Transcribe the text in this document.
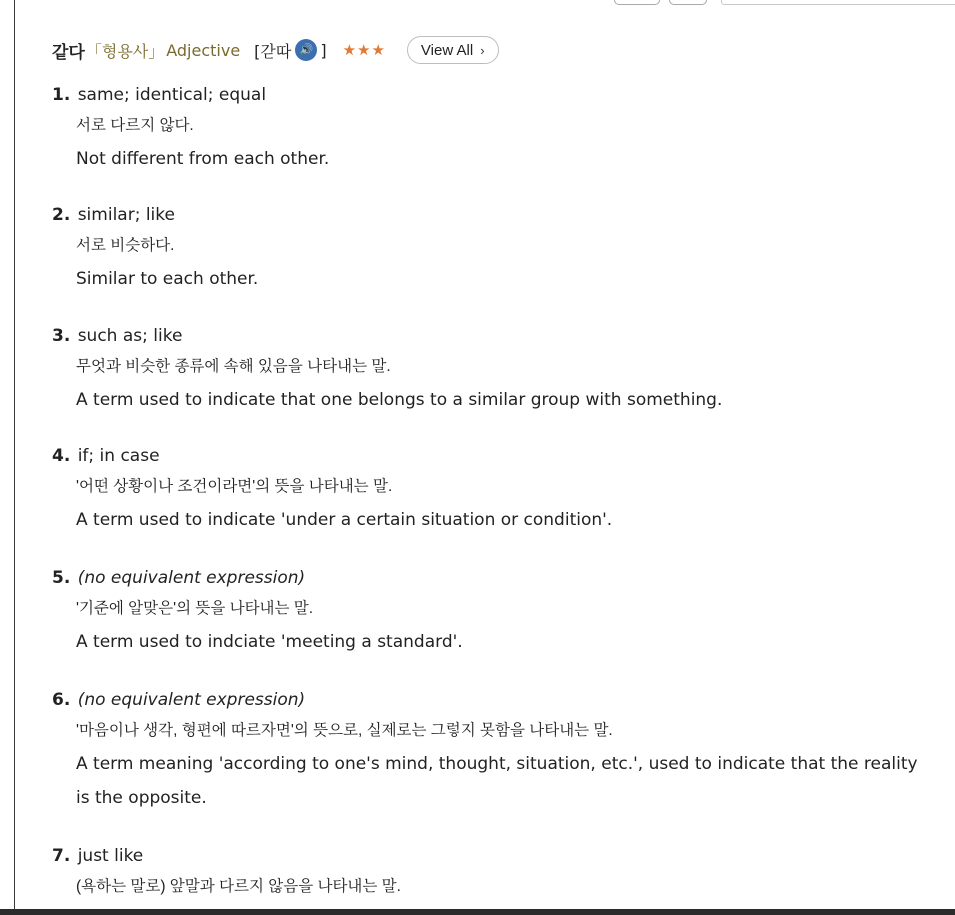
같다 「형용사」 Adjective [갇따 🔊 ] ★★★ View All ›
1. same; identical; equal
서로 다르지 않다.
Not different from each other.
2. similar; like
서로 비슷하다.
Similar to each other.
3. such as; like
무엇과 비슷한 종류에 속해 있음을 나타내는 말.
A term used to indicate that one belongs to a similar group with something.
4. if; in case
'어떤 상황이나 조건이라면'의 뜻을 나타내는 말.
A term used to indicate 'under a certain situation or condition'.
5. (no equivalent expression)
'기준에 알맞은'의 뜻을 나타내는 말.
A term used to indciate 'meeting a standard'.
6. (no equivalent expression)
'마음이나 생각, 형편에 따르자면'의 뜻으로, 실제로는 그렇지 못함을 나타내는 말.
A term meaning 'according to one's mind, thought, situation, etc.', used to indicate that the reality is the opposite.
7. just like
(욕하는 말로) 앞말과 다르지 않음을 나타내는 말.
